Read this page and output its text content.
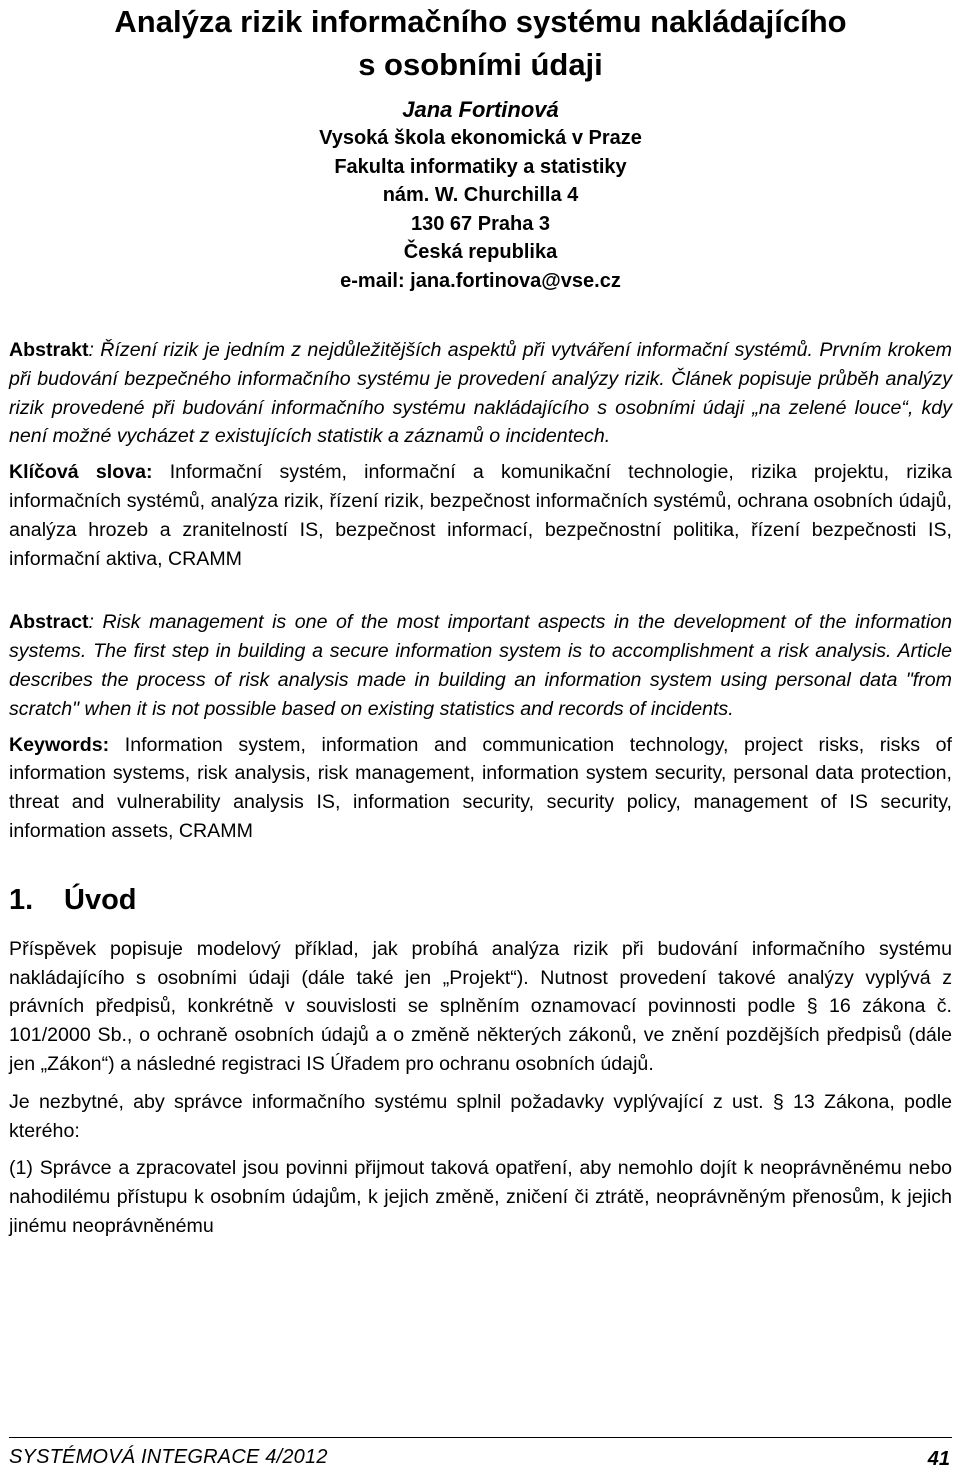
Analýza rizik informačního systému nakládajícího
s osobními údaji
Jana Fortinová
Vysoká škola ekonomická v Praze
Fakulta informatiky a statistiky
nám. W. Churchilla 4
130 67 Praha 3
Česká republika
e-mail: jana.fortinova@vse.cz

Abstrakt: Řízení rizik je jedním z nejdůležitějších aspektů při vytváření informační systémů. Prvním krokem při budování bezpečného informačního systému je provedení analýzy rizik. Článek popisuje průběh analýzy rizik provedené při budování informačního systému nakládajícího s osobními údaji „na zelené louce“, kdy není možné vycházet z existujících statistik a záznamů o incidentech.

Klíčová slova: Informační systém, informační a komunikační technologie, rizika projektu, rizika informačních systémů, analýza rizik, řízení rizik, bezpečnost informačních systémů, ochrana osobních údajů, analýza hrozeb a zranitelností IS, bezpečnost informací, bezpečnostní politika, řízení bezpečnosti IS, informační aktiva, CRAMM

Abstract: Risk management is one of the most important aspects in the development of the information systems. The first step in building a secure information system is to accomplishment a risk analysis. Article describes the process of risk analysis made in building an information system using personal data "from scratch" when it is not possible based on existing statistics and records of incidents.

Keywords: Information system, information and communication technology, project risks, risks of information systems, risk analysis, risk management, information system security, personal data protection, threat and vulnerability analysis IS, information security, security policy, management of IS security, information assets, CRAMM

1. Úvod

Příspěvek popisuje modelový příklad, jak probíhá analýza rizik při budování informačního systému nakládajícího s osobními údaji (dále také jen „Projekt“). Nutnost provedení takové analýzy vyplývá z právních předpisů, konkrétně v souvislosti se splněním oznamovací povinnosti podle § 16 zákona č. 101/2000 Sb., o ochraně osobních údajů a o změně některých zákonů, ve znění pozdějších předpisů (dále jen „Zákon“) a následné registraci IS Úřadem pro ochranu osobních údajů.

Je nezbytné, aby správce informačního systému splnil požadavky vyplývající z ust. § 13 Zákona, podle kterého:

(1) Správce a zpracovatel jsou povinni přijmout taková opatření, aby nemohlo dojít k neoprávněnému nebo nahodilému přístupu k osobním údajům, k jejich změně, zničení či ztrátě, neoprávněným přenosům, k jejich jinému neoprávněnému

SYSTÉMOVÁ INTEGRACE 4/2012	41
